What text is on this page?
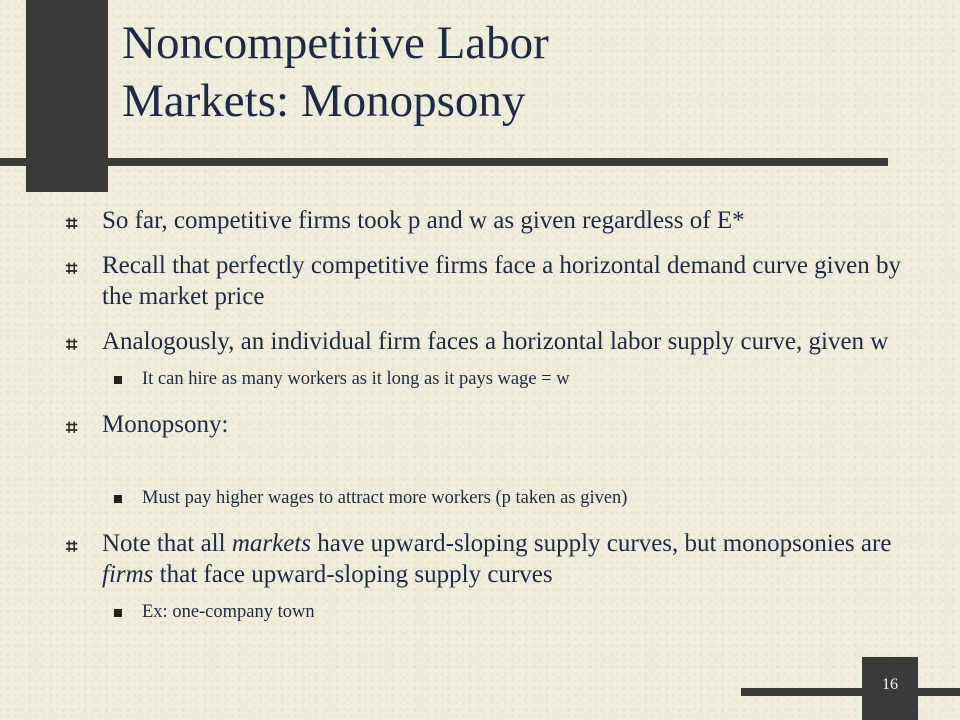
Noncompetitive Labor
Markets: Monopsony
⌗ So far, competitive firms took p and w as given regardless of E*
⌗ Recall that perfectly competitive firms face a horizontal demand curve given by the market price
⌗ Analogously, an individual firm faces a horizontal labor supply curve, given w
It can hire as many workers as it long as it pays wage = w
⌗ Monopsony:
Must pay higher wages to attract more workers (p taken as given)
⌗ Note that all markets have upward-sloping supply curves, but monopsonies are firms that face upward-sloping supply curves
Ex: one-company town
16
